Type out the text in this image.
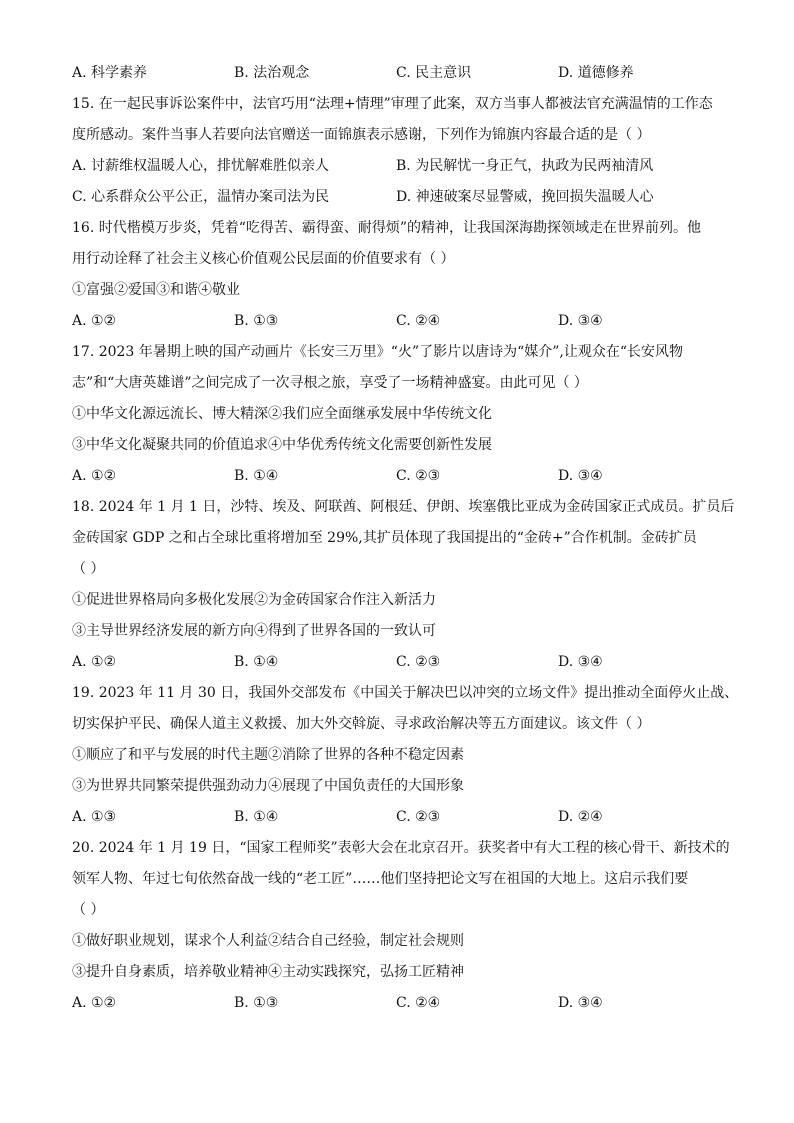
A. 科学素养	B. 法治观念	C. 民主意识	D. 道德修养
15. 在一起民事诉讼案件中，法官巧用“法理+情理”审理了此案，双方当事人都被法官充满温情的工作态
度所感动。案件当事人若要向法官赠送一面锦旗表示感谢，下列作为锦旗内容最合适的是（ ）
A. 讨薪维权温暖人心，排忧解难胜似亲人	B. 为民解忧一身正气，执政为民两袖清风
C. 心系群众公平公正，温情办案司法为民	D. 神速破案尽显警威，挽回损失温暖人心
16. 时代楷模万步炎，凭着“吃得苦、霸得蛮、耐得烦”的精神，让我国深海勘探领域走在世界前列。他
用行动诠释了社会主义核心价值观公民层面的价值要求有（ ）
①富强②爱国③和谐④敬业
A. ①②	B. ①③	C. ②④	D. ③④
17. 2023 年暑期上映的国产动画片《长安三万里》“火”了影片以唐诗为“媒介”,让观众在“长安风物
志”和“大唐英雄谱”之间完成了一次寻根之旅，享受了一场精神盛宴。由此可见（ ）
①中华文化源远流长、博大精深②我们应全面继承发展中华传统文化
③中华文化凝聚共同的价值追求④中华优秀传统文化需要创新性发展
A. ①②	B. ①④	C. ②③	D. ③④
18. 2024 年 1 月 1 日，沙特、埃及、阿联酋、阿根廷、伊朗、埃塞俄比亚成为金砖国家正式成员。扩员后
金砖国家 GDP 之和占全球比重将增加至 29%,其扩员体现了我国提出的“金砖+”合作机制。金砖扩员
（ ）
①促进世界格局向多极化发展②为金砖国家合作注入新活力
③主导世界经济发展的新方向④得到了世界各国的一致认可
A. ①②	B. ①④	C. ②③	D. ③④
19. 2023 年 11 月 30 日，我国外交部发布《中国关于解决巴以冲突的立场文件》提出推动全面停火止战、
切实保护平民、确保人道主义救援、加大外交斡旋、寻求政治解决等五方面建议。该文件（ ）
①顺应了和平与发展的时代主题②消除了世界的各种不稳定因素
③为世界共同繁荣提供强劲动力④展现了中国负责任的大国形象
A. ①③	B. ①④	C. ②③	D. ②④
20. 2024 年 1 月 19 日，“国家工程师奖”表彰大会在北京召开。获奖者中有大工程的核心骨干、新技术的
领军人物、年过七旬依然奋战一线的“老工匠”……他们坚持把论文写在祖国的大地上。这启示我们要
（ ）
①做好职业规划，谋求个人利益②结合自己经验，制定社会规则
③提升自身素质，培养敬业精神④主动实践探究，弘扬工匠精神
A. ①②	B. ①③	C. ②④	D. ③④
